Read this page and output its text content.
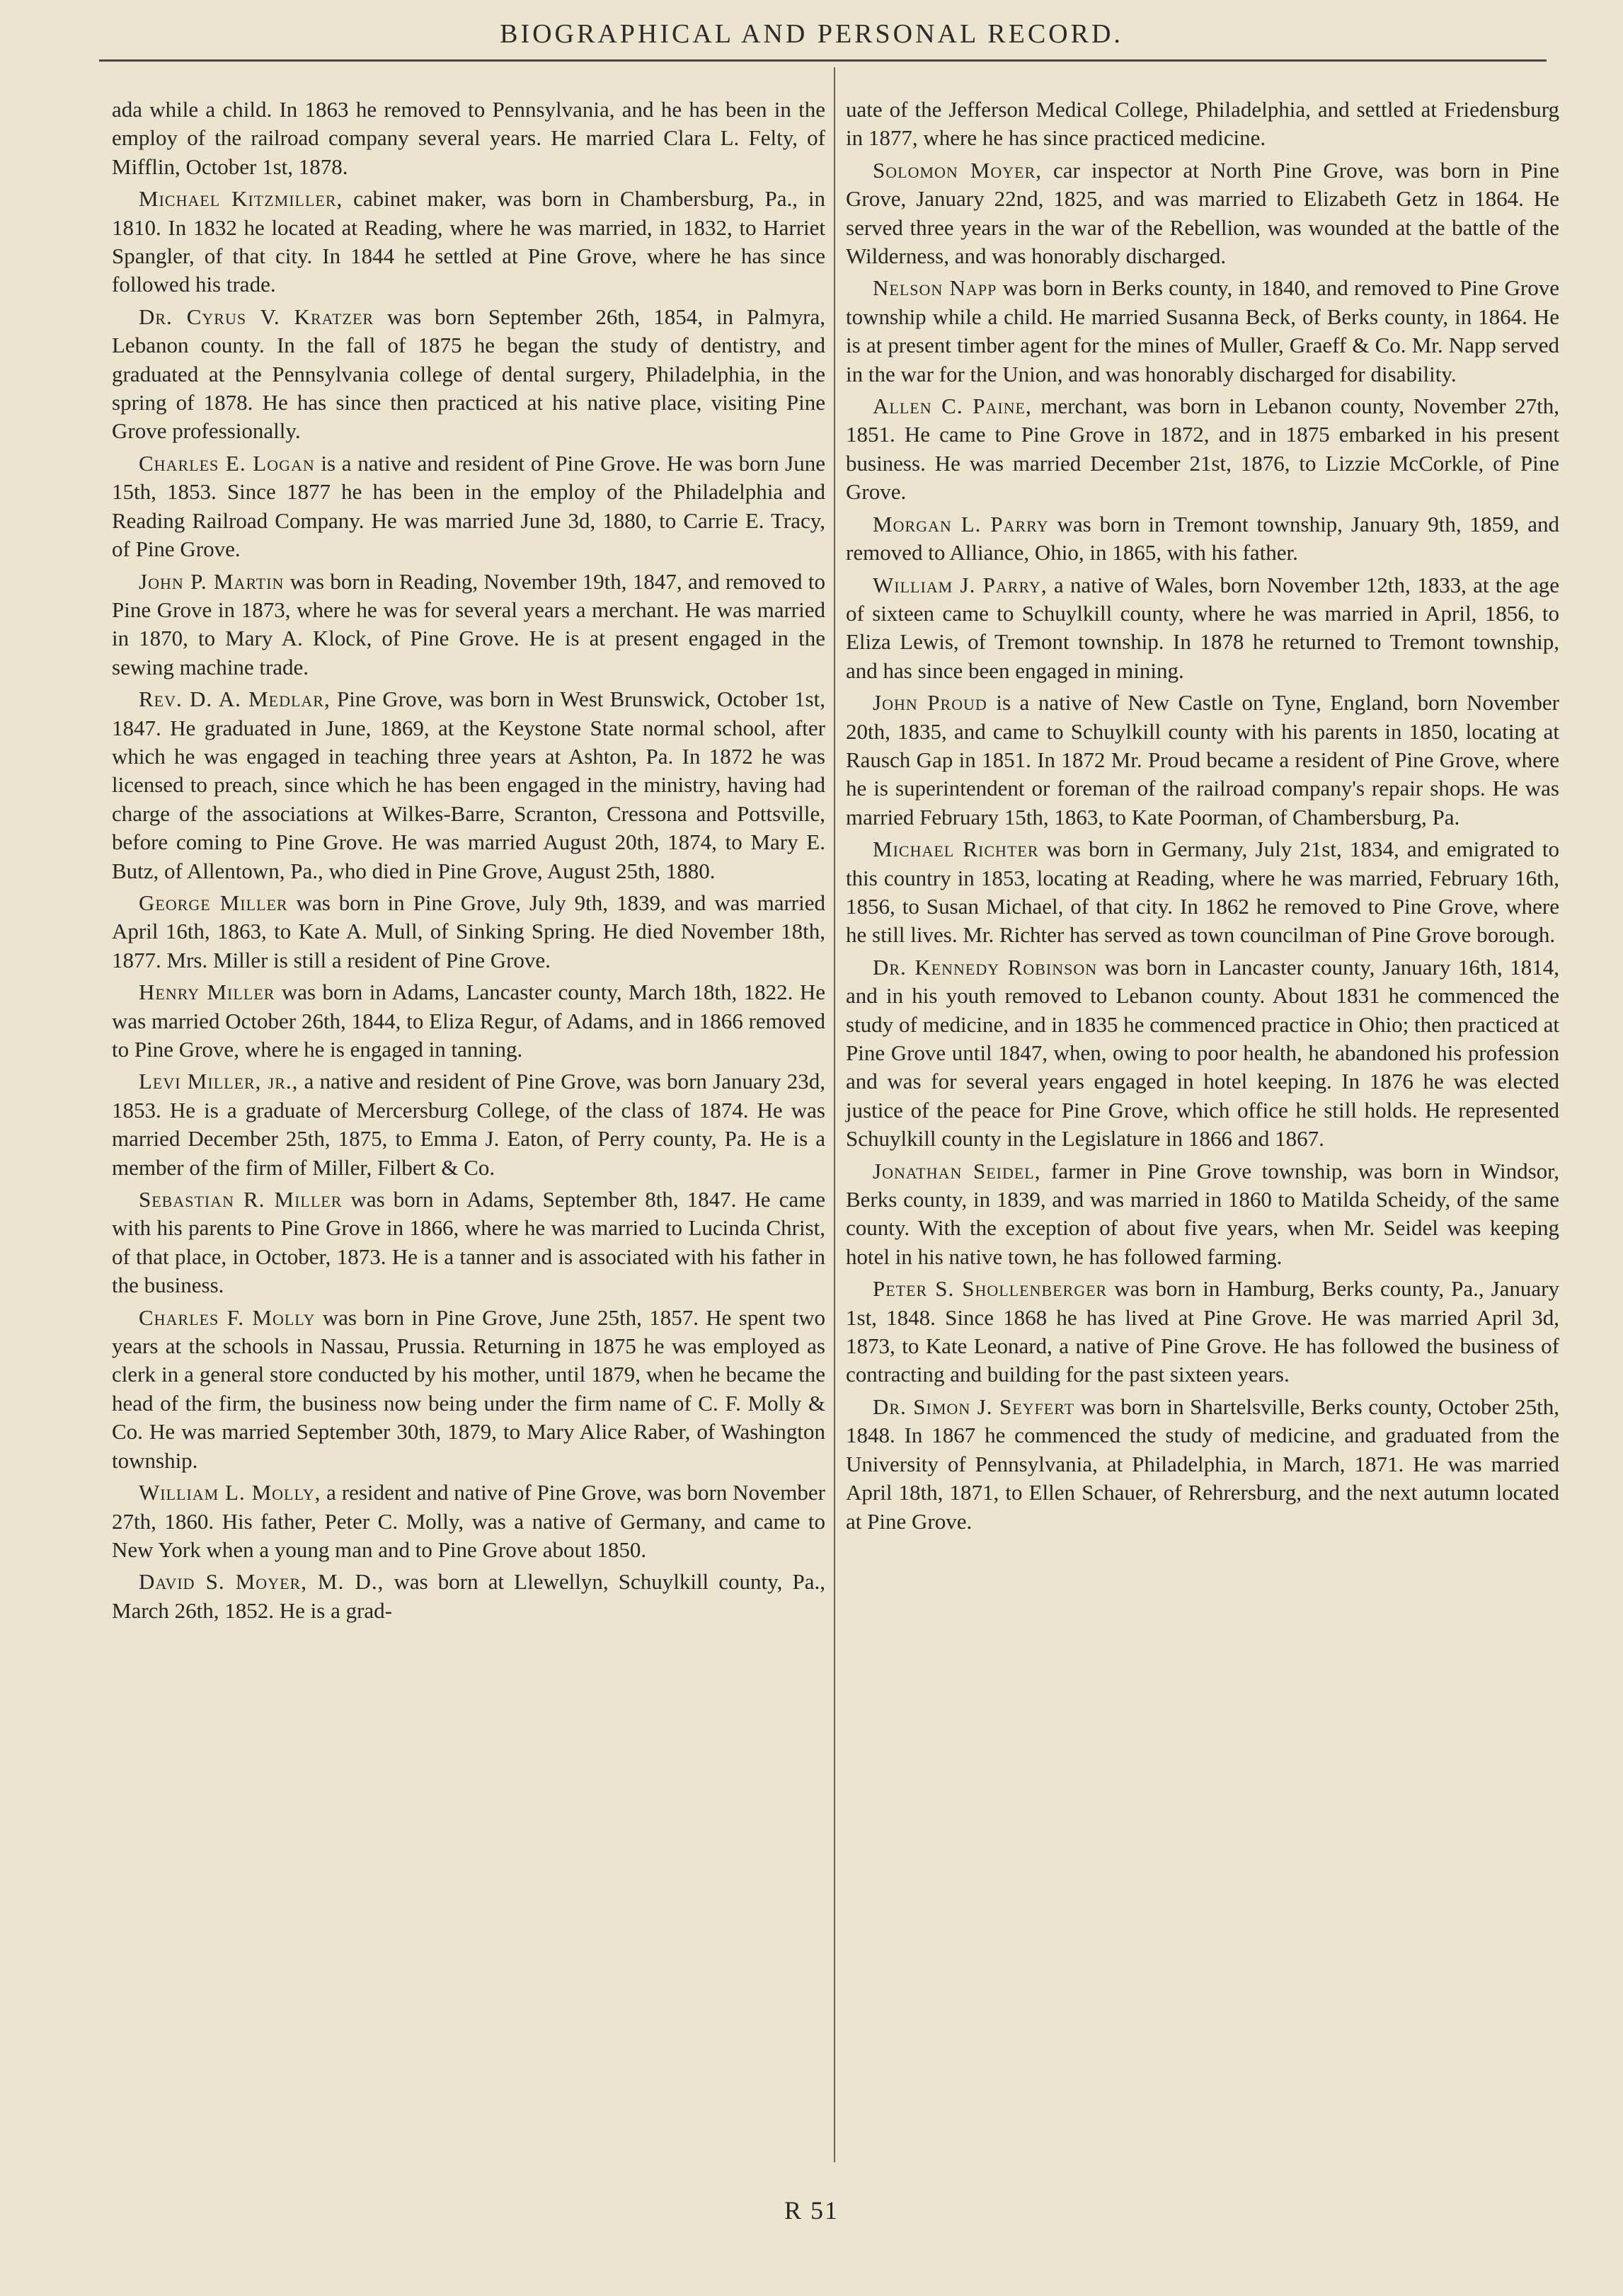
BIOGRAPHICAL AND PERSONAL RECORD.

ada while a child. In 1863 he removed to Pennsylvania, and he has been in the employ of the railroad company several years. He married Clara L. Felty, of Mifflin, October 1st, 1878.

Michael Kitzmiller, cabinet maker, was born in Chambersburg, Pa., in 1810. In 1832 he located at Reading, where he was married, in 1832, to Harriet Spangler, of that city. In 1844 he settled at Pine Grove, where he has since followed his trade.

Dr. Cyrus V. Kratzer was born September 26th, 1854, in Palmyra, Lebanon county. In the fall of 1875 he began the study of dentistry, and graduated at the Pennsylvania college of dental surgery, Philadelphia, in the spring of 1878. He has since then practiced at his native place, visiting Pine Grove professionally.

Charles E. Logan is a native and resident of Pine Grove. He was born June 15th, 1853. Since 1877 he has been in the employ of the Philadelphia and Reading Railroad Company. He was married June 3d, 1880, to Carrie E. Tracy, of Pine Grove.

John P. Martin was born in Reading, November 19th, 1847, and removed to Pine Grove in 1873, where he was for several years a merchant. He was married in 1870, to Mary A. Klock, of Pine Grove. He is at present engaged in the sewing machine trade.

Rev. D. A. Medlar, Pine Grove, was born in West Brunswick, October 1st, 1847. He graduated in June, 1869, at the Keystone State normal school, after which he was engaged in teaching three years at Ashton, Pa. In 1872 he was licensed to preach, since which he has been engaged in the ministry, having had charge of the associations at Wilkes-Barre, Scranton, Cressona and Pottsville, before coming to Pine Grove. He was married August 20th, 1874, to Mary E. Butz, of Allentown, Pa., who died in Pine Grove, August 25th, 1880.

George Miller was born in Pine Grove, July 9th, 1839, and was married April 16th, 1863, to Kate A. Mull, of Sinking Spring. He died November 18th, 1877. Mrs. Miller is still a resident of Pine Grove.

Henry Miller was born in Adams, Lancaster county, March 18th, 1822. He was married October 26th, 1844, to Eliza Regur, of Adams, and in 1866 removed to Pine Grove, where he is engaged in tanning.

Levi Miller, jr., a native and resident of Pine Grove, was born January 23d, 1853. He is a graduate of Mercersburg College, of the class of 1874. He was married December 25th, 1875, to Emma J. Eaton, of Perry county, Pa. He is a member of the firm of Miller, Filbert & Co.

Sebastian R. Miller was born in Adams, September 8th, 1847. He came with his parents to Pine Grove in 1866, where he was married to Lucinda Christ, of that place, in October, 1873. He is a tanner and is associated with his father in the business.

Charles F. Molly was born in Pine Grove, June 25th, 1857. He spent two years at the schools in Nassau, Prussia. Returning in 1875 he was employed as clerk in a general store conducted by his mother, until 1879, when he became the head of the firm, the business now being under the firm name of C. F. Molly & Co. He was married September 30th, 1879, to Mary Alice Raber, of Washington township.

William L. Molly, a resident and native of Pine Grove, was born November 27th, 1860. His father, Peter C. Molly, was a native of Germany, and came to New York when a young man and to Pine Grove about 1850.

David S. Moyer, M. D., was born at Llewellyn, Schuylkill county, Pa., March 26th, 1852. He is a grad-

uate of the Jefferson Medical College, Philadelphia, and settled at Friedensburg in 1877, where he has since practiced medicine.

Solomon Moyer, car inspector at North Pine Grove, was born in Pine Grove, January 22nd, 1825, and was married to Elizabeth Getz in 1864. He served three years in the war of the Rebellion, was wounded at the battle of the Wilderness, and was honorably discharged.

Nelson Napp was born in Berks county, in 1840, and removed to Pine Grove township while a child. He married Susanna Beck, of Berks county, in 1864. He is at present timber agent for the mines of Muller, Graeff & Co. Mr. Napp served in the war for the Union, and was honorably discharged for disability.

Allen C. Paine, merchant, was born in Lebanon county, November 27th, 1851. He came to Pine Grove in 1872, and in 1875 embarked in his present business. He was married December 21st, 1876, to Lizzie McCorkle, of Pine Grove.

Morgan L. Parry was born in Tremont township, January 9th, 1859, and removed to Alliance, Ohio, in 1865, with his father.

William J. Parry, a native of Wales, born November 12th, 1833, at the age of sixteen came to Schuylkill county, where he was married in April, 1856, to Eliza Lewis, of Tremont township. In 1878 he returned to Tremont township, and has since been engaged in mining.

John Proud is a native of New Castle on Tyne, England, born November 20th, 1835, and came to Schuylkill county with his parents in 1850, locating at Rausch Gap in 1851. In 1872 Mr. Proud became a resident of Pine Grove, where he is superintendent or foreman of the railroad company's repair shops. He was married February 15th, 1863, to Kate Poorman, of Chambersburg, Pa.

Michael Richter was born in Germany, July 21st, 1834, and emigrated to this country in 1853, locating at Reading, where he was married, February 16th, 1856, to Susan Michael, of that city. In 1862 he removed to Pine Grove, where he still lives. Mr. Richter has served as town councilman of Pine Grove borough.

Dr. Kennedy Robinson was born in Lancaster county, January 16th, 1814, and in his youth removed to Lebanon county. About 1831 he commenced the study of medicine, and in 1835 he commenced practice in Ohio; then practiced at Pine Grove until 1847, when, owing to poor health, he abandoned his profession and was for several years engaged in hotel keeping. In 1876 he was elected justice of the peace for Pine Grove, which office he still holds. He represented Schuylkill county in the Legislature in 1866 and 1867.

Jonathan Seidel, farmer in Pine Grove township, was born in Windsor, Berks county, in 1839, and was married in 1860 to Matilda Scheidy, of the same county. With the exception of about five years, when Mr. Seidel was keeping hotel in his native town, he has followed farming.

Peter S. Shollenberger was born in Hamburg, Berks county, Pa., January 1st, 1848. Since 1868 he has lived at Pine Grove. He was married April 3d, 1873, to Kate Leonard, a native of Pine Grove. He has followed the business of contracting and building for the past sixteen years.

Dr. Simon J. Seyfert was born in Shartelsville, Berks county, October 25th, 1848. In 1867 he commenced the study of medicine, and graduated from the University of Pennsylvania, at Philadelphia, in March, 1871. He was married April 18th, 1871, to Ellen Schauer, of Rehrersburg, and the next autumn located at Pine Grove.

R 51
